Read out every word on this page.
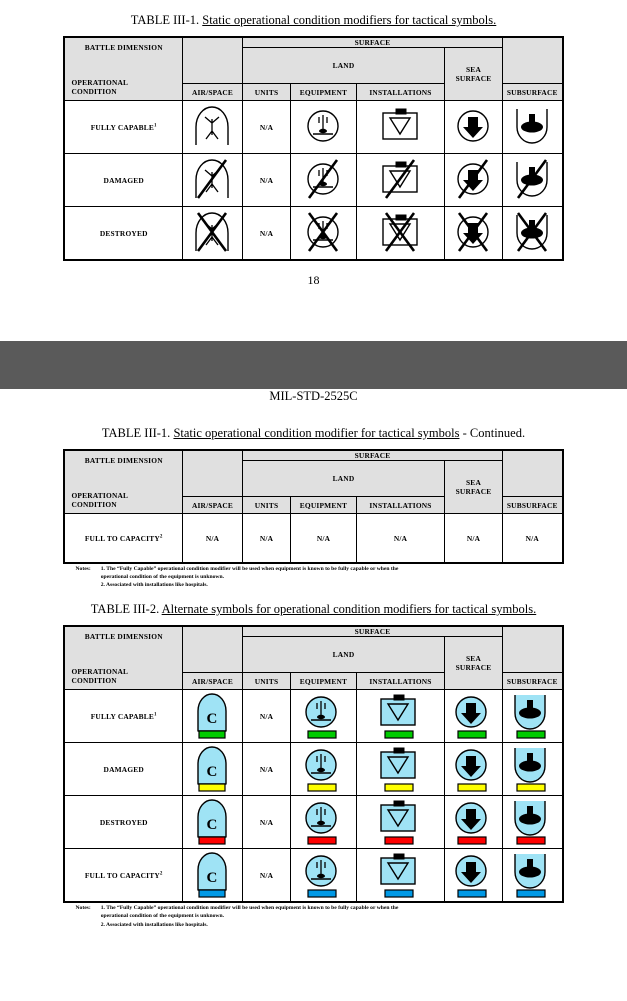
TABLE III-1. Static operational condition modifiers for tactical symbols.
BATTLE DIMENSION
OPERATIONAL
CONDITION		SURFACE				
		LAND			SEA
SURFACE	

	AIR/SPACE	UNITS	EQUIPMENT	INSTALLATIONS		SUBSURFACE
FULLY CAPABLE$^1$		N/A	

DAMAGED		N/A	

DESTROYED		N/A	

18
MIL-STD-2525C
TABLE III-1. Static operational condition modifier for tactical symbols - Continued.
BATTLE DIMENSION
OPERATIONAL
CONDITION		SURFACE				
		LAND			SEA
SURFACE	

	AIR/SPACE	UNITS	EQUIPMENT	INSTALLATIONS		SUBSURFACE
FULL TO CAPACITY$^2$	N/A	N/A	N/A	N/A	N/A	N/A
Notes: 1. The “Fully Capable” operational condition modifier will be used when equipment is known to be fully capable or when the
operational condition of the equipment is unknown.
2. Associated with installations like hospitals.
TABLE III-2. Alternate symbols for operational condition modifiers for tactical symbols.
BATTLE DIMENSION
OPERATIONAL
CONDITION		SURFACE				
		LAND			SEA
SURFACE	

	AIR/SPACE	UNITS	EQUIPMENT	INSTALLATIONS		SUBSURFACE
FULLY CAPABLE$^1$	C	N/A	

DAMAGED	C	N/A	

DESTROYED	C	N/A	

FULL TO CAPACITY$^2$	C	N/A	

Notes: 1. The “Fully Capable” operational condition modifier will be used when equipment is known to be fully capable or when the
operational condition of the equipment is unknown.
2. Associated with installations like hospitals.
